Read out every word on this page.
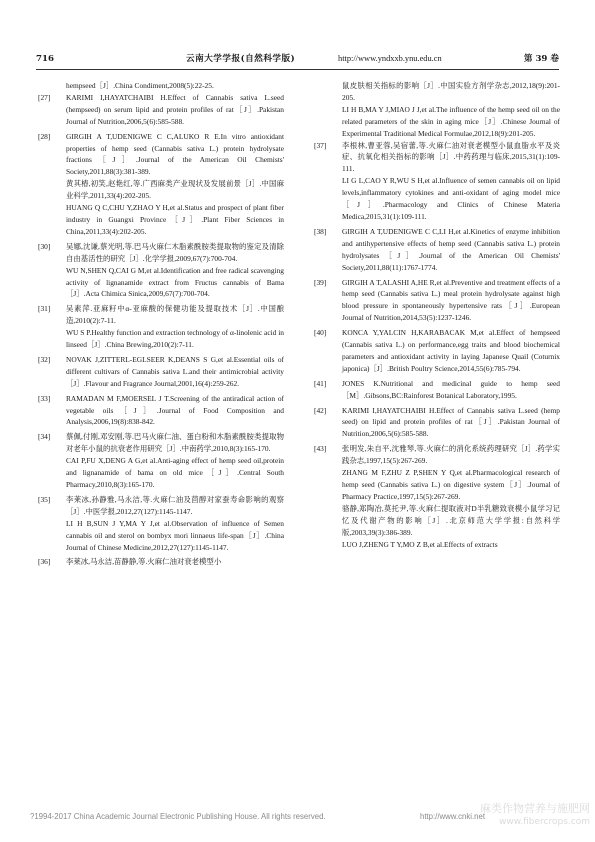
716	云南大学学报(自然科学版)	http://www.yndxxb.ynu.edu.cn	第 39 卷
hempseed［J］.China Condiment,2008(5):22-25.
[27] KARIMI I,HAYATCHAIBI H.Effect of Cannabis sativa L.seed (hempseed) on serum lipid and protein profiles of rat［J］.Pakistan Journal of Nutrition,2006,5(6):585-588.
[28] GIRGIH A T,UDENIGWE C C,ALUKO R E.In vitro antioxidant properties of hemp seed (Cannabis sativa L.) protein hydrolysate fractions［J］.Journal of the American Oil Chemists' Society,2011,88(3):381-389.
黄其椿,初笑,赵艳红,等.广西麻类产业现状及发展前景［J］.中国麻业科学,2011,33(4):202-205.
HUANG Q C,CHU Y,ZHAO Y H,et al.Status and prospect of plant fiber industry in Guangxi Province［J］.Plant Fiber Sciences in China,2011,33(4):202-205.
[30] 吴娜,沈谦,蔡光明,等.巴马火麻仁木脂素酰胺类提取物的鉴定及清除自由基活性的研究［J］.化学学报,2009,67(7):700-704.
WU N,SHEN Q,CAI G M,et al.Identification and free radical scavenging activity of lignanamide extract from Fructus cannabis of Bama［J］.Acta Chimica Sinica,2009,67(7):700-704.
[31] 吴素萍.亚麻籽中α-亚麻酸的保健功能及提取技术［J］.中国酿造,2010(2):7-11.
WU S P.Healthy function and extraction technology of α-linolenic acid in linseed［J］.China Brewing,2010(2):7-11.
[32] NOVAK J,ZITTERL-EGLSEER K,DEANS S G,et al.Essential oils of different cultivars of Cannabis sativa L.and their antimicrobial activity［J］.Flavour and Fragrance Journal,2001,16(4):259-262.
[33] RAMADAN M F,MOERSEL J T.Screening of the antiradical action of vegetable oils［J］.Journal of Food Composition and Analysis,2006,19(8):838-842.
[34] 蔡佩,付刚,邓安刚,等.巴马火麻仁油、蛋白粉和木脂素酰胺类提取物对老年小鼠的抗衰老作用研究［J］.中南药学,2010,8(3):165-170.
CAI P,FU X,DENG A G,et al.Anti-aging effect of hemp seed oil,protein and lignanamide of bama on old mice［J］.Central South Pharmacy,2010,8(3):165-170.
[35] 李莱冰,孙静雅,马永洁,等.火麻仁油及茴醇对家蚕寿命影响的观察［J］.中医学报,2012,27(127):1145-1147.
LI H B,SUN J Y,MA Y J,et al.Observation of influence of Semen cannabis oil and sterol on bombyx mori linnaeus life-span［J］.China Journal of Chinese Medicine,2012,27(127):1145-1147.
[36] 李莱冰,马永洁,苗静静,等.火麻仁油对衰老模型小
鼠皮肤相关指标的影响［J］.中国实验方剂学杂志,2012,18(9):201-205.
LI H B,MA Y J,MIAO J J,et al.The influence of the hemp seed oil on the related parameters of the skin in aging mice［J］.Chinese Journal of Experimental Traditional Medical Formulae,2012,18(9):201-205.
[37] 李根林,曹亚蓉,吴宿蕾,等.火麻仁油对衰老模型小鼠血脂水平及炎症、抗氧化相关指标的影响［J］.中药药理与临床,2015,31(1):109-111.
LI G L,CAO Y R,WU S H,et al.Influence of semen cannabis oil on lipid levels,inflammatory cytokines and anti-oxidant of aging model mice［J］.Pharmacology and Clinics of Chinese Materia Medica,2015,31(1):109-111.
[38] GIRGIH A T,UDENIGWE C C,LI H,et al.Kinetics of enzyme inhibition and antihypertensive effects of hemp seed (Cannabis sativa L.) protein hydrolysates［J］.Journal of the American Oil Chemists' Society,2011,88(11):1767-1774.
[39] GIRGIH A T,ALASHI A,HE R,et al.Preventive and treatment effects of a hemp seed (Cannabis sativa L.) meal protein hydrolysate against high blood pressure in spontaneously hypertensive rats［J］.European Journal of Nutrition,2014,53(5):1237-1246.
[40] KONCA Y,YALCIN H,KARABACAK M,et al.Effect of hempseed (Cannabis sativa L.) on performance,egg traits and blood biochemical parameters and antioxidant activity in laying Japanese Quail (Coturnix japonica)［J］.British Poultry Science,2014,55(6):785-794.
[41] JONES K.Nutritional and medicinal guide to hemp seed［M］.Gibsons,BC:Rainforest Botanical Laboratory,1995.
[42] KARIMI I,HAYATCHAIBI H.Effect of Cannabis sativa L.seed (hemp seed) on lipid and protein profiles of rat［J］.Pakistan Journal of Nutrition,2006,5(6):585-588.
[43] 张明发,朱自平,沈雅琴,等.火麻仁的消化系统药理研究［J］.药学实践杂志,1997,15(5):267-269.
ZHANG M F,ZHU Z P,SHEN Y Q,et al.Pharmacological research of hemp seed (Cannabis sativa L.) on digestive system［J］.Journal of Pharmacy Practice,1997,15(5):267-269.
骆静,郑陶冶,莫托尹,等.火麻仁提取液对D半乳糖致衰模小鼠学习记忆及代谢产物的影响［J］.北京师范大学学报:自然科学版,2003,39(3):386-389.
LUO J,ZHENG T Y,MO Z B,et al.Effects of extracts
?1994-2017 China Academic Journal Electronic Publishing House. All rights reserved.	http://www.cnki.net
麻类作物营养与施肥网
www.fibercrops.com
